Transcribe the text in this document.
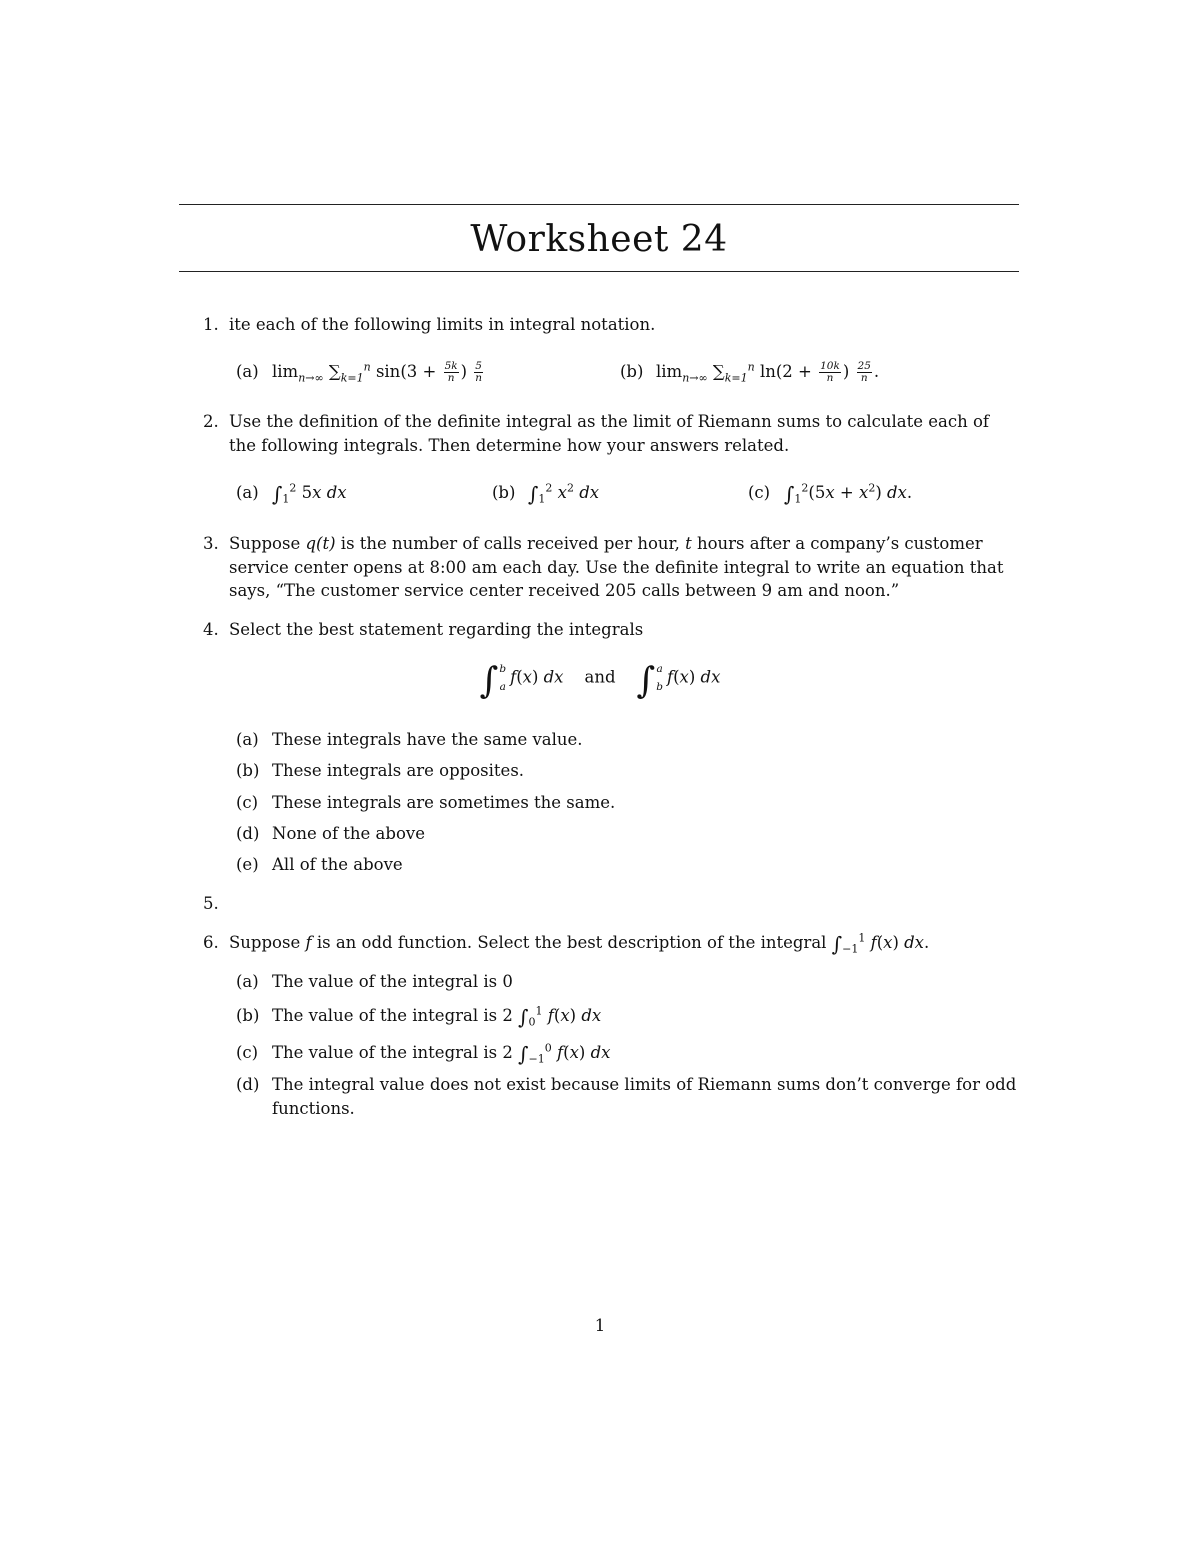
Worksheet 24
1. ite each of the following limits in integral notation.
(a) $\lim_{n\to\infty} \sum_{k=1}^n$ $\sin(3 + \frac{5k}{n}$ ) $\frac{5}{n}$	(b) $\lim_{n\to\infty} \sum_{k=1}^n$ $\ln(2 + \frac{10k}{n}$ ) $\frac{25}{n}$ .
2. Use the definition of the definite integral as the limit of Riemann sums to calculate each of
the following integrals. Then determine how your answers related.
(a) $\int_1^2$ 5x dx	(b) $\int_1^2$ $x^2$ dx	(c) $\int_1^2(5x + x^2)$ dx.
3. Suppose q(t) is the number of calls received per hour, t hours after a company’s customer
service center opens at 8:00 am each day. Use the definite integral to write an equation that
says, “The customer service center received 205 calls between 9 am and noon.”
4. Select the best statement regarding the integrals
∫ b
a
f(x) dx and ∫ a
b
f(x) dx
(a) These integrals have the same value.
(b) These integrals are opposites.
(c) These integrals are sometimes the same.
(d) None of the above
(e) All of the above
5.
6. Suppose f is an odd function. Select the best description of the integral $\int_{-1}^1$ f(x) dx.
(a) The value of the integral is 0
(b) The value of the integral is 2 $\int_0^1$ f(x) dx
(c) The value of the integral is 2 $\int_{-1}^0$ f(x) dx
(d) The integral value does not exist because limits of Riemann sums don’t converge for odd
functions.
1
